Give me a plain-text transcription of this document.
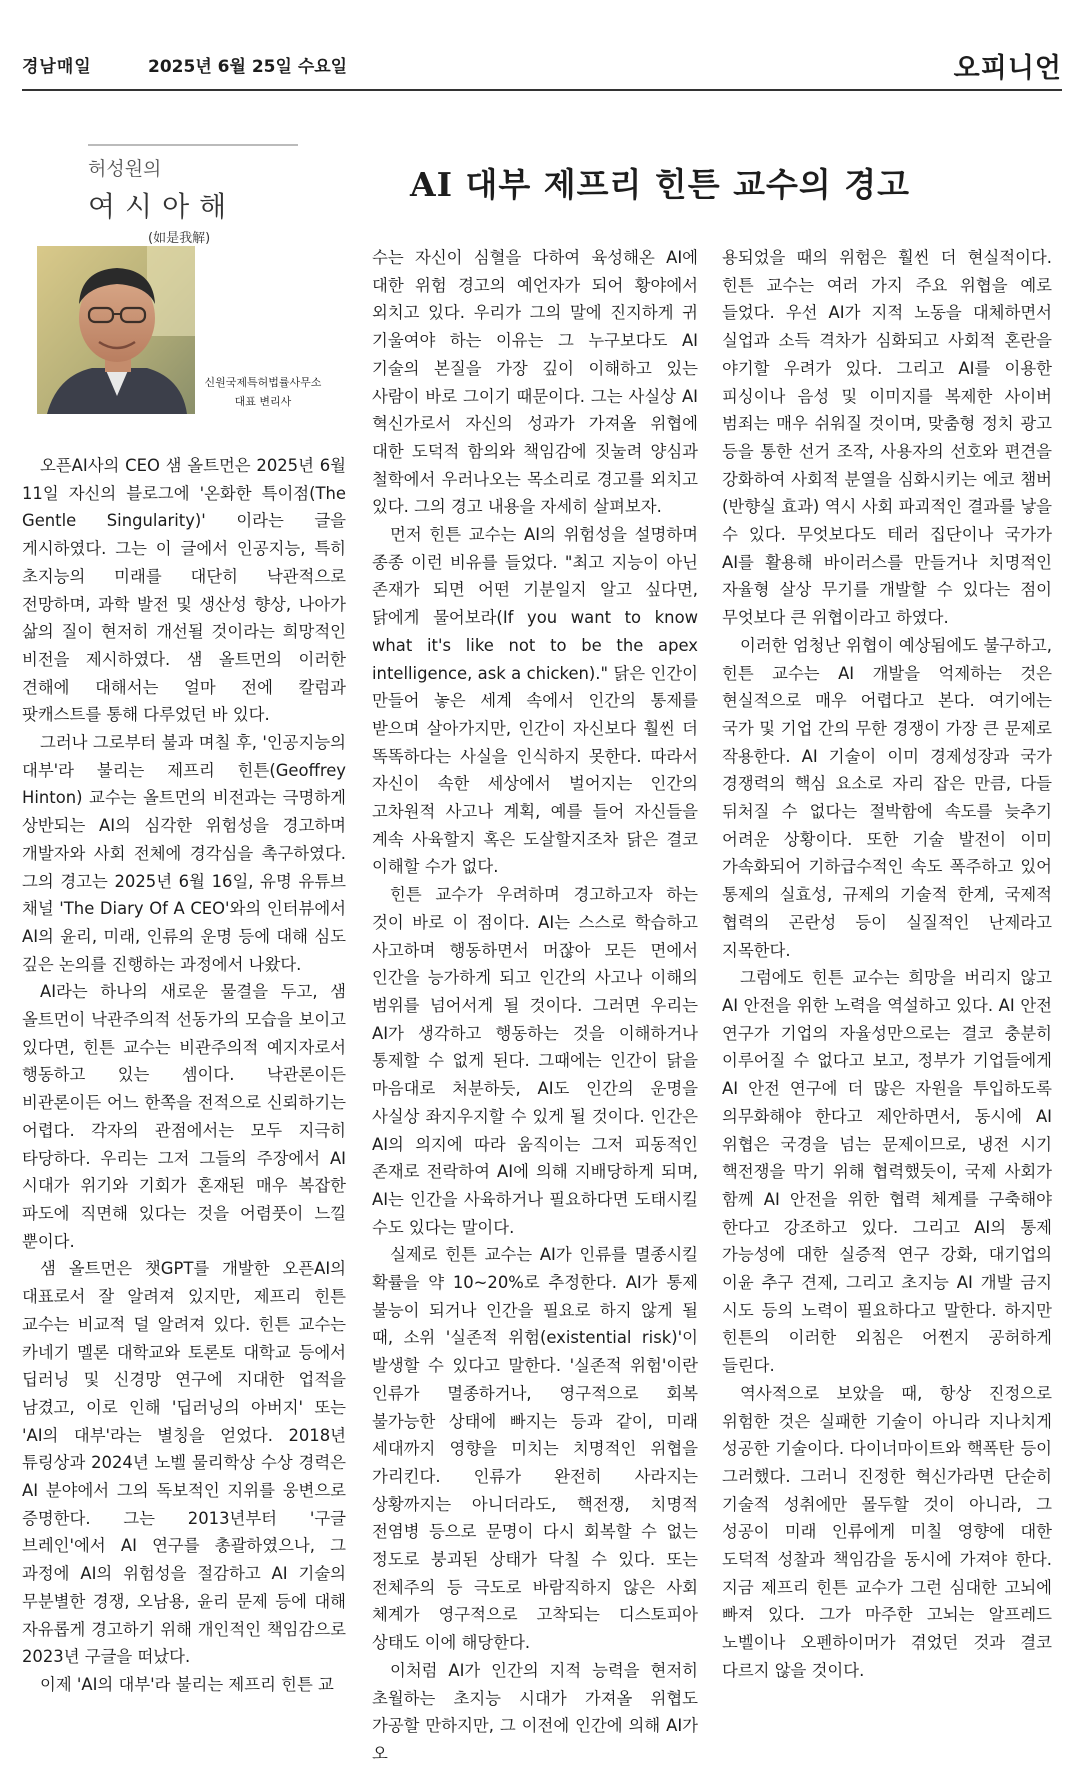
경남매일	2025년 6월 25일 수요일	오피니언
허성원의
여시아해
(如是我解)
AI 대부 제프리 힌튼 교수의 경고
신원국제특허법률사무소
대표 변리사

오픈AI사의 CEO 샘 올트먼은 2025년 6월 11일 자신의 블로그에 '온화한 특이점(The Gentle Singularity)' 이라는 글을 게시하였다. 그는 이 글에서 인공지능, 특히 초지능의 미래를 대단히 낙관적으로 전망하며, 과학 발전 및 생산성 향상, 나아가 삶의 질이 현저히 개선될 것이라는 희망적인 비전을 제시하였다. 샘 올트먼의 이러한 견해에 대해서는 얼마 전에 칼럼과 팟캐스트를 통해 다루었던 바 있다.

그러나 그로부터 불과 며칠 후, '인공지능의 대부'라 불리는 제프리 힌튼(Geoffrey Hinton) 교수는 올트먼의 비전과는 극명하게 상반되는 AI의 심각한 위험성을 경고하며 개발자와 사회 전체에 경각심을 촉구하였다. 그의 경고는 2025년 6월 16일, 유명 유튜브 채널 'The Diary Of A CEO'와의 인터뷰에서 AI의 윤리, 미래, 인류의 운명 등에 대해 심도 깊은 논의를 진행하는 과정에서 나왔다.

AI라는 하나의 새로운 물결을 두고, 샘 올트먼이 낙관주의적 선동가의 모습을 보이고 있다면, 힌튼 교수는 비관주의적 예지자로서 행동하고 있는 셈이다. 낙관론이든 비관론이든 어느 한쪽을 전적으로 신뢰하기는 어렵다. 각자의 관점에서는 모두 지극히 타당하다. 우리는 그저 그들의 주장에서 AI 시대가 위기와 기회가 혼재된 매우 복잡한 파도에 직면해 있다는 것을 어렴풋이 느낄 뿐이다.

샘 올트먼은 챗GPT를 개발한 오픈AI의 대표로서 잘 알려져 있지만, 제프리 힌튼 교수는 비교적 덜 알려져 있다. 힌튼 교수는 카네기 멜론 대학교와 토론토 대학교 등에서 딥러닝 및 신경망 연구에 지대한 업적을 남겼고, 이로 인해 '딥러닝의 아버지' 또는 'AI의 대부'라는 별칭을 얻었다. 2018년 튜링상과 2024년 노벨 물리학상 수상 경력은 AI 분야에서 그의 독보적인 지위를 웅변으로 증명한다. 그는 2013년부터 '구글 브레인'에서 AI 연구를 총괄하였으나, 그 과정에 AI의 위험성을 절감하고 AI 기술의 무분별한 경쟁, 오남용, 윤리 문제 등에 대해 자유롭게 경고하기 위해 개인적인 책임감으로 2023년 구글을 떠났다.

이제 'AI의 대부'라 불리는 제프리 힌튼 교

수는 자신이 심혈을 다하여 육성해온 AI에 대한 위험 경고의 예언자가 되어 황야에서 외치고 있다. 우리가 그의 말에 진지하게 귀 기울여야 하는 이유는 그 누구보다도 AI 기술의 본질을 가장 깊이 이해하고 있는 사람이 바로 그이기 때문이다. 그는 사실상 AI 혁신가로서 자신의 성과가 가져올 위협에 대한 도덕적 함의와 책임감에 짓눌려 양심과 철학에서 우러나오는 목소리로 경고를 외치고 있다. 그의 경고 내용을 자세히 살펴보자.

먼저 힌튼 교수는 AI의 위험성을 설명하며 종종 이런 비유를 들었다. "최고 지능이 아닌 존재가 되면 어떤 기분일지 알고 싶다면, 닭에게 물어보라(If you want to know what it's like not to be the apex intelligence, ask a chicken)." 닭은 인간이 만들어 놓은 세계 속에서 인간의 통제를 받으며 살아가지만, 인간이 자신보다 훨씬 더 똑똑하다는 사실을 인식하지 못한다. 따라서 자신이 속한 세상에서 벌어지는 인간의 고차원적 사고나 계획, 예를 들어 자신들을 계속 사육할지 혹은 도살할지조차 닭은 결코 이해할 수가 없다.

힌튼 교수가 우려하며 경고하고자 하는 것이 바로 이 점이다. AI는 스스로 학습하고 사고하며 행동하면서 머잖아 모든 면에서 인간을 능가하게 되고 인간의 사고나 이해의 범위를 넘어서게 될 것이다. 그러면 우리는 AI가 생각하고 행동하는 것을 이해하거나 통제할 수 없게 된다. 그때에는 인간이 닭을 마음대로 처분하듯, AI도 인간의 운명을 사실상 좌지우지할 수 있게 될 것이다. 인간은 AI의 의지에 따라 움직이는 그저 피동적인 존재로 전락하여 AI에 의해 지배당하게 되며, AI는 인간을 사육하거나 필요하다면 도태시킬 수도 있다는 말이다.

실제로 힌튼 교수는 AI가 인류를 멸종시킬 확률을 약 10~20%로 추정한다. AI가 통제 불능이 되거나 인간을 필요로 하지 않게 될 때, 소위 '실존적 위험(existential risk)'이 발생할 수 있다고 말한다. '실존적 위험'이란 인류가 멸종하거나, 영구적으로 회복 불가능한 상태에 빠지는 등과 같이, 미래 세대까지 영향을 미치는 치명적인 위협을 가리킨다. 인류가 완전히 사라지는 상황까지는 아니더라도, 핵전쟁, 치명적 전염병 등으로 문명이 다시 회복할 수 없는 정도로 붕괴된 상태가 닥칠 수 있다. 또는 전체주의 등 극도로 바람직하지 않은 사회 체계가 영구적으로 고착되는 디스토피아 상태도 이에 해당한다.

이처럼 AI가 인간의 지적 능력을 현저히 초월하는 초지능 시대가 가져올 위협도 가공할 만하지만, 그 이전에 인간에 의해 AI가 오

용되었을 때의 위험은 훨씬 더 현실적이다. 힌튼 교수는 여러 가지 주요 위협을 예로 들었다. 우선 AI가 지적 노동을 대체하면서 실업과 소득 격차가 심화되고 사회적 혼란을 야기할 우려가 있다. 그리고 AI를 이용한 피싱이나 음성 및 이미지를 복제한 사이버 범죄는 매우 쉬워질 것이며, 맞춤형 정치 광고 등을 통한 선거 조작, 사용자의 선호와 편견을 강화하여 사회적 분열을 심화시키는 에코 챔버(반향실 효과) 역시 사회 파괴적인 결과를 낳을 수 있다. 무엇보다도 테러 집단이나 국가가 AI를 활용해 바이러스를 만들거나 치명적인 자율형 살상 무기를 개발할 수 있다는 점이 무엇보다 큰 위협이라고 하였다.

이러한 엄청난 위협이 예상됨에도 불구하고, 힌튼 교수는 AI 개발을 억제하는 것은 현실적으로 매우 어렵다고 본다. 여기에는 국가 및 기업 간의 무한 경쟁이 가장 큰 문제로 작용한다. AI 기술이 이미 경제성장과 국가 경쟁력의 핵심 요소로 자리 잡은 만큼, 다들 뒤처질 수 없다는 절박함에 속도를 늦추기 어려운 상황이다. 또한 기술 발전이 이미 가속화되어 기하급수적인 속도 폭주하고 있어 통제의 실효성, 규제의 기술적 한계, 국제적 협력의 곤란성 등이 실질적인 난제라고 지목한다.

그럼에도 힌튼 교수는 희망을 버리지 않고 AI 안전을 위한 노력을 역설하고 있다. AI 안전 연구가 기업의 자율성만으로는 결코 충분히 이루어질 수 없다고 보고, 정부가 기업들에게 AI 안전 연구에 더 많은 자원을 투입하도록 의무화해야 한다고 제안하면서, 동시에 AI 위협은 국경을 넘는 문제이므로, 냉전 시기 핵전쟁을 막기 위해 협력했듯이, 국제 사회가 함께 AI 안전을 위한 협력 체계를 구축해야 한다고 강조하고 있다. 그리고 AI의 통제 가능성에 대한 실증적 연구 강화, 대기업의 이윤 추구 견제, 그리고 초지능 AI 개발 금지 시도 등의 노력이 필요하다고 말한다. 하지만 힌튼의 이러한 외침은 어쩐지 공허하게 들린다.

역사적으로 보았을 때, 항상 진정으로 위험한 것은 실패한 기술이 아니라 지나치게 성공한 기술이다. 다이너마이트와 핵폭탄 등이 그러했다. 그러니 진정한 혁신가라면 단순히 기술적 성취에만 몰두할 것이 아니라, 그 성공이 미래 인류에게 미칠 영향에 대한 도덕적 성찰과 책임감을 동시에 가져야 한다. 지금 제프리 힌튼 교수가 그런 심대한 고뇌에 빠져 있다. 그가 마주한 고뇌는 알프레드 노벨이나 오펜하이머가 겪었던 것과 결코 다르지 않을 것이다.
